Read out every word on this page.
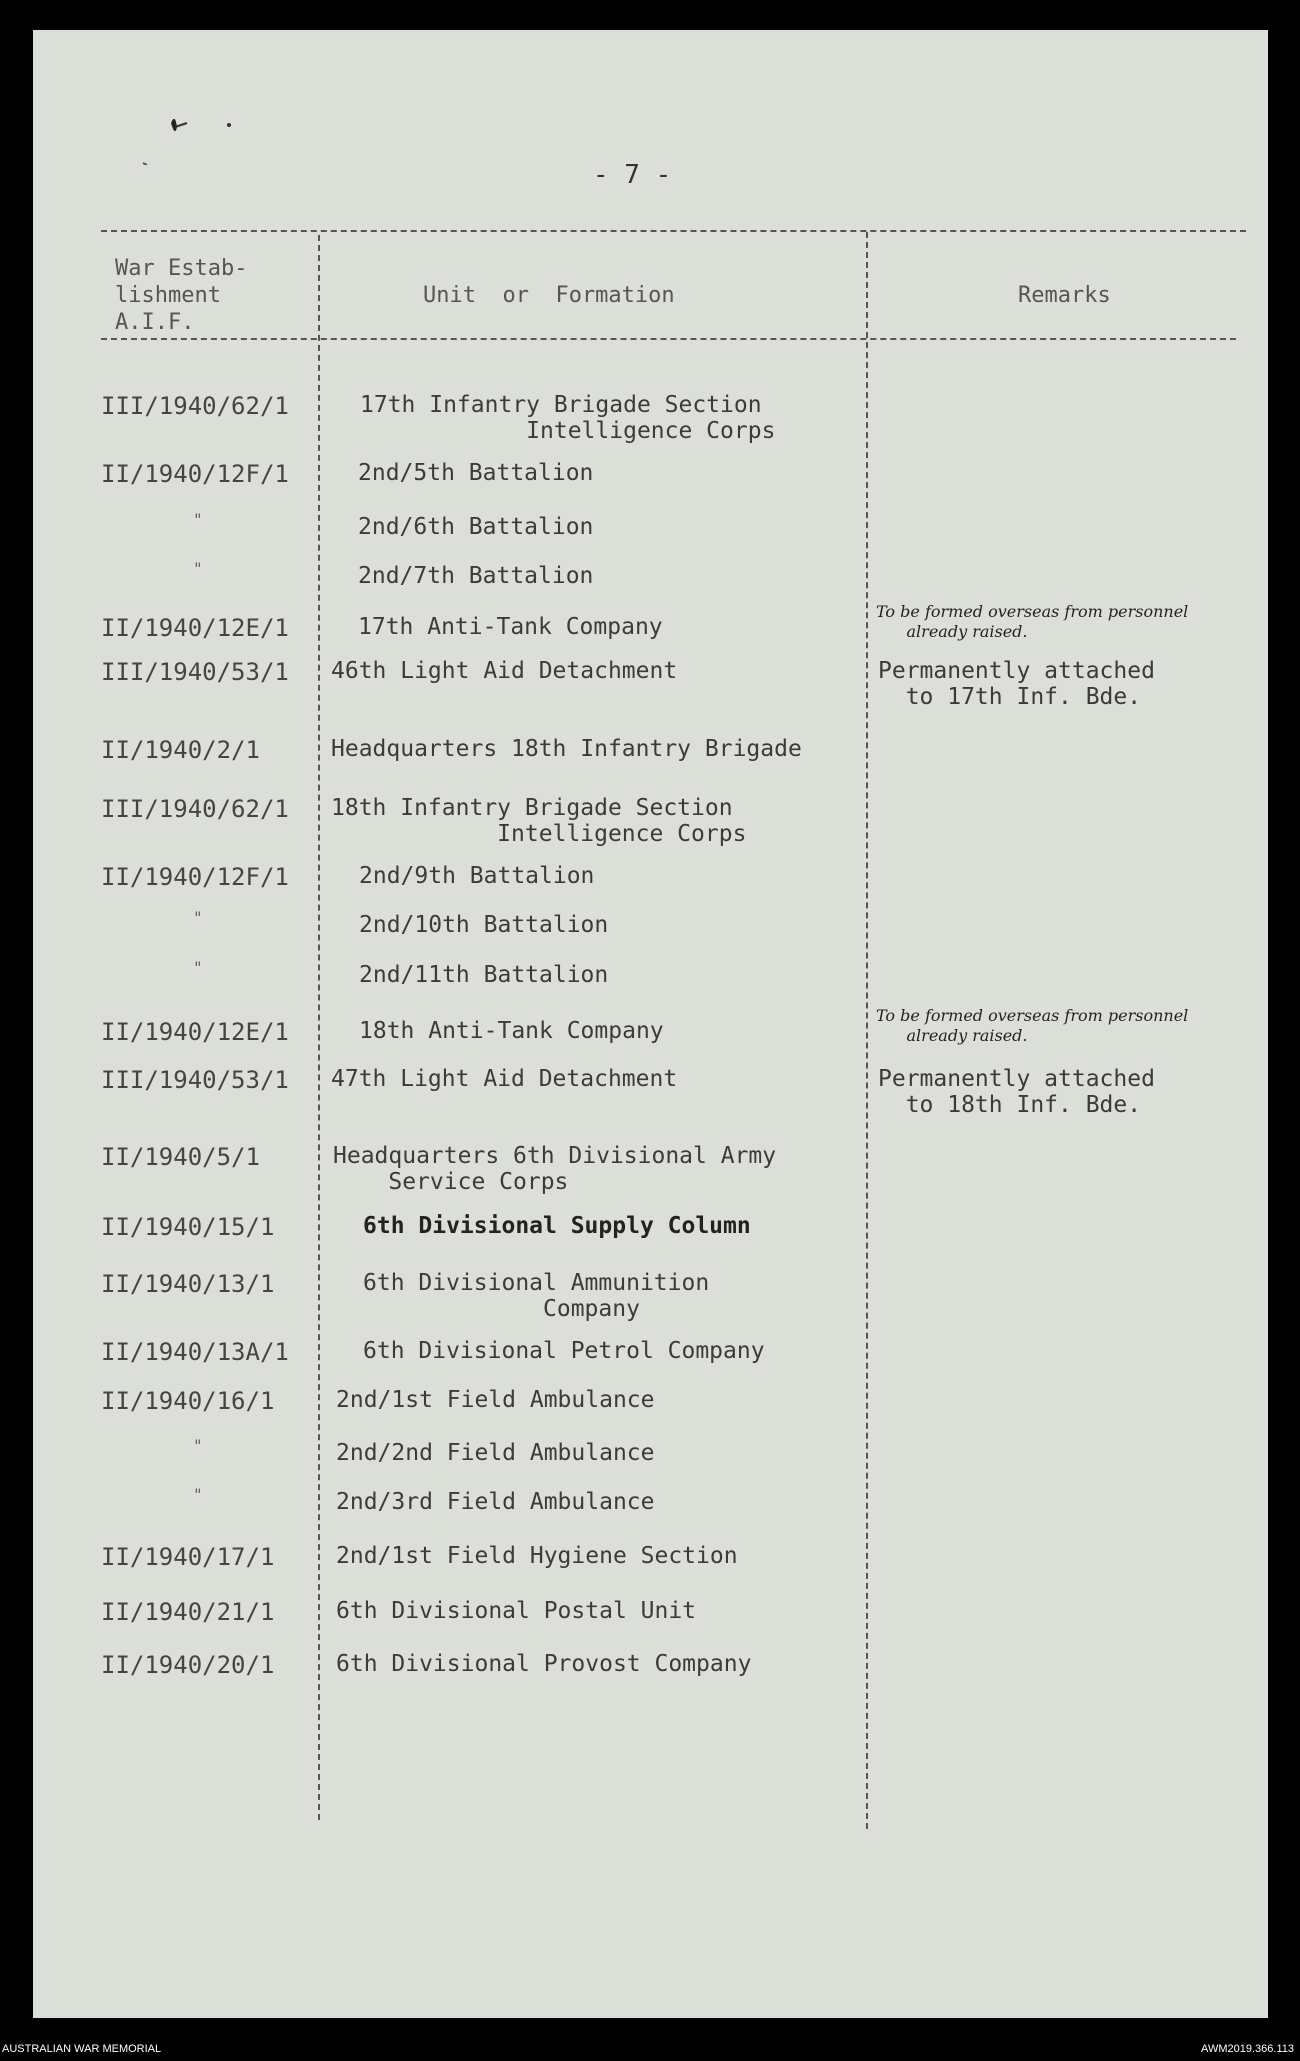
- 7 -
War Estab-
lishment
A.I.F.
Unit  or  Formation	Remarks
III/1940/62/1	17th Infantry Brigade Section
Intelligence Corps
II/1940/12F/1	2nd/5th Battalion
"	2nd/6th Battalion
"	2nd/7th Battalion
II/1940/12E/1	17th Anti-Tank Company
To be formed overseas from personnel
already raised.
III/1940/53/1 46th Light Aid Detachment	Permanently attached
to 17th Inf. Bde.
II/1940/2/1	Headquarters 18th Infantry Brigade
III/1940/62/1 18th Infantry Brigade Section
Intelligence Corps
II/1940/12F/1	2nd/9th Battalion
"	2nd/10th Battalion
"	2nd/11th Battalion
II/1940/12E/1	18th Anti-Tank Company
To be formed overseas from personnel
already raised.
III/1940/53/1 47th Light Aid Detachment	Permanently attached
to 18th Inf. Bde.
II/1940/5/1	Headquarters 6th Divisional Army
Service Corps
II/1940/15/1	6th Divisional Supply Column
II/1940/13/1	6th Divisional Ammunition
Company
II/1940/13A/1	6th Divisional Petrol Company
II/1940/16/1	2nd/1st Field Ambulance
"	2nd/2nd Field Ambulance
"	2nd/3rd Field Ambulance
II/1940/17/1	2nd/1st Field Hygiene Section
II/1940/21/1	6th Divisional Postal Unit
II/1940/20/1	6th Divisional Provost Company
AUSTRALIAN WAR MEMORIAL	AWM2019.366.113
